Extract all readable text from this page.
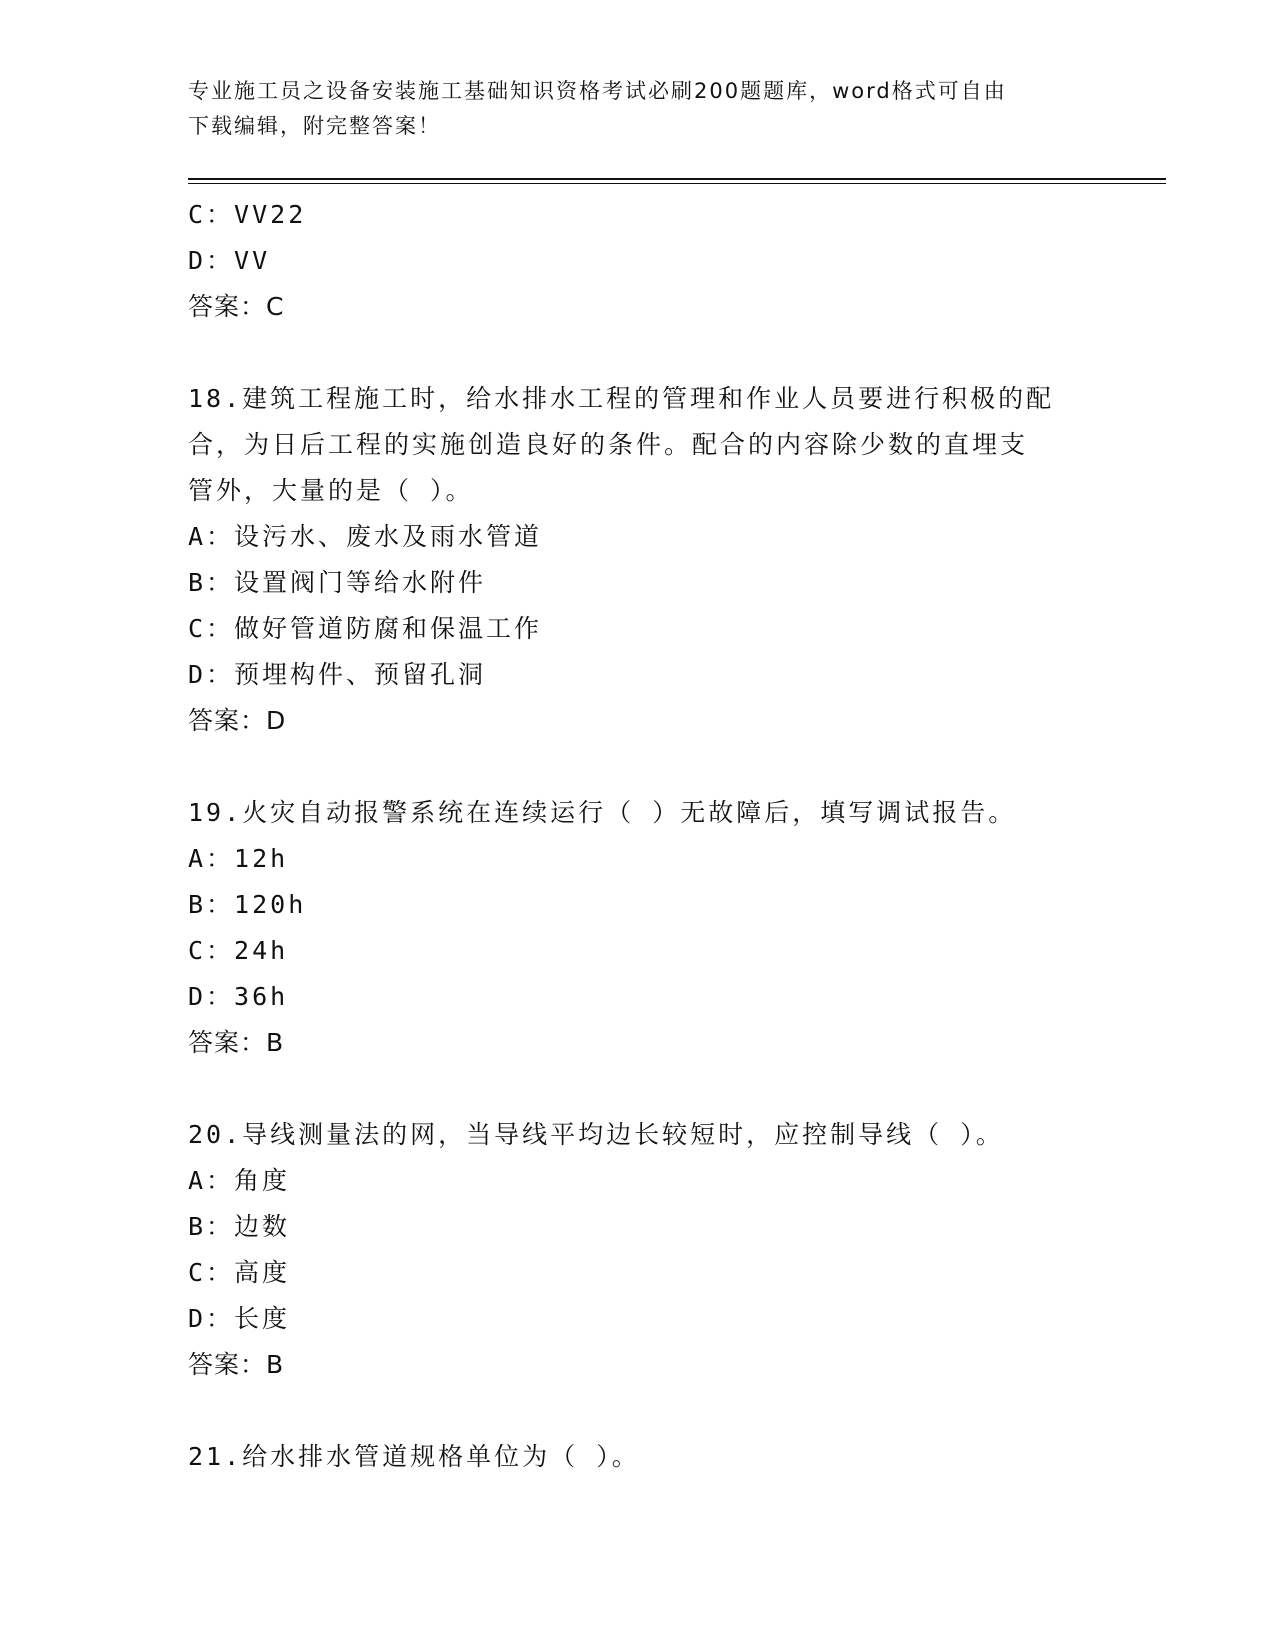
专业施工员之设备安装施工基础知识资格考试必刷200题题库，word格式可自由
下载编辑，附完整答案！
C：VV22
D：VV
答案：C
18.建筑工程施工时，给水排水工程的管理和作业人员要进行积极的配
合，为日后工程的实施创造良好的条件。配合的内容除少数的直埋支
管外，大量的是（ ）。
A：设污水、废水及雨水管道
B：设置阀门等给水附件
C：做好管道防腐和保温工作
D：预埋构件、预留孔洞
答案：D
19.火灾自动报警系统在连续运行（ ）无故障后，填写调试报告。
A：12h
B：120h
C：24h
D：36h
答案：B
20.导线测量法的网，当导线平均边长较短时，应控制导线（ ）。
A：角度
B：边数
C：高度
D：长度
答案：B
21.给水排水管道规格单位为（ ）。
